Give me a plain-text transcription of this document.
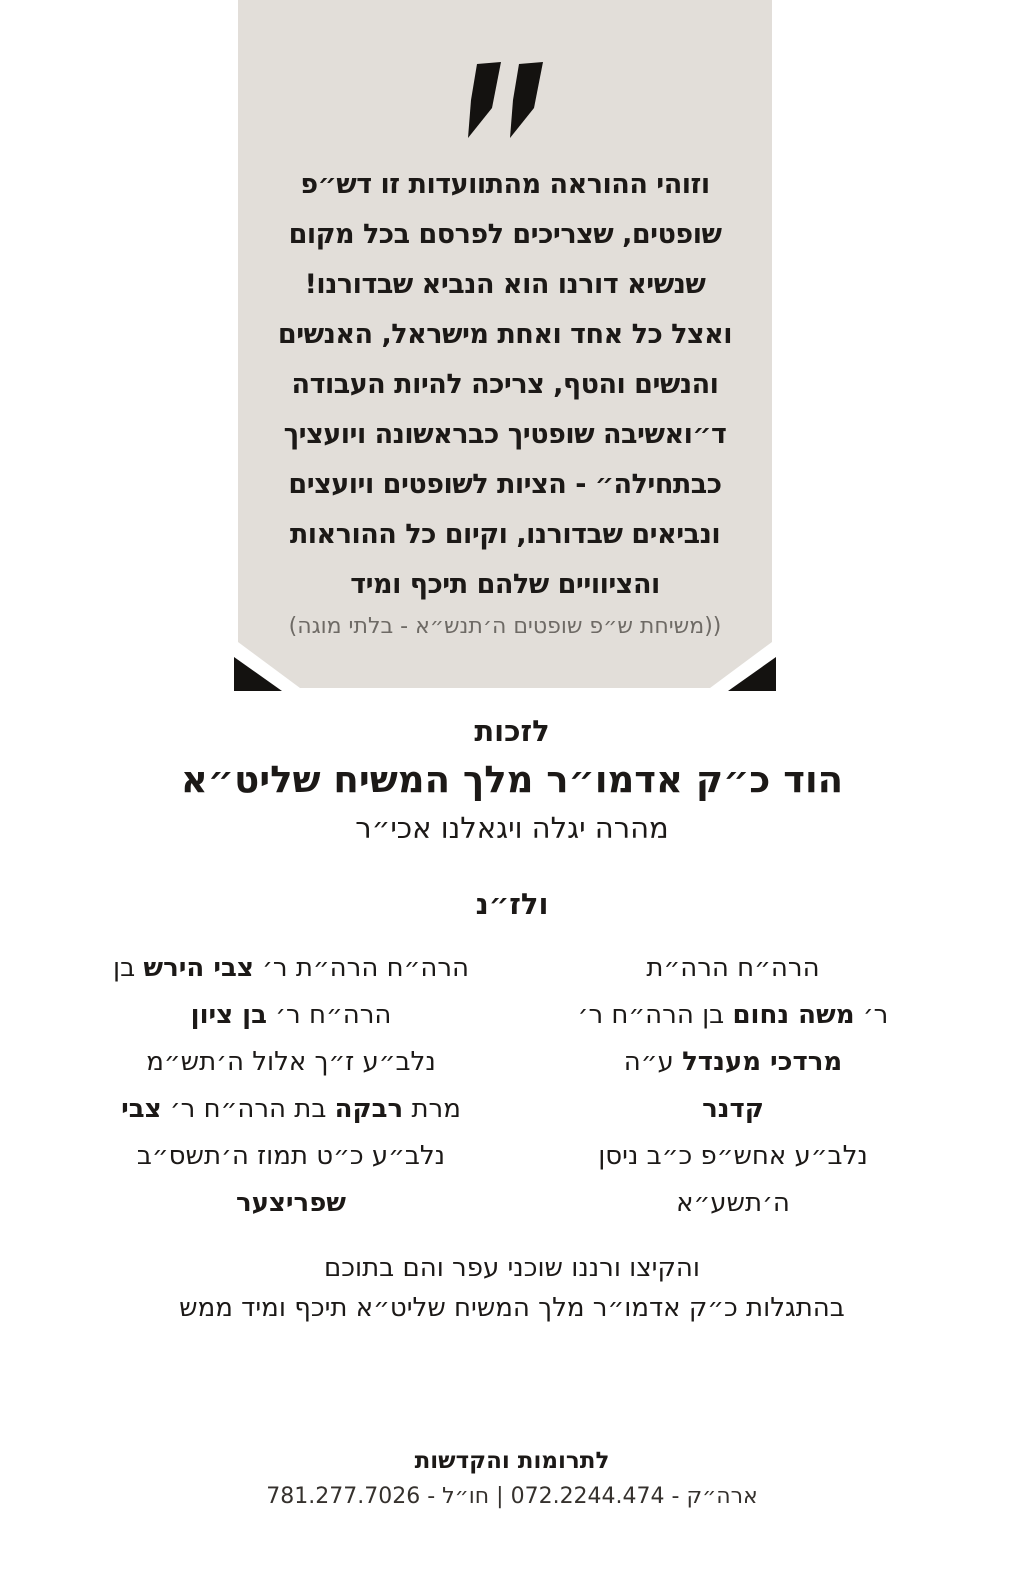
וזוהי ההוראה מהתוועדות זו דש״פ
שופטים, שצריכים לפרסם בכל מקום
שנשיא דורנו הוא הנביא שבדורנו!
ואצל כל אחד ואחת מישראל, האנשים
והנשים והטף, צריכה להיות העבודה
ד״ואשיבה שופטיך כבראשונה ויועציך
כבתחילה״ - הציות לשופטים ויועצים
ונביאים שבדורנו, וקיום כל ההוראות
והציוויים שלהם תיכף ומיד
((משיחת ש״פ שופטים ה׳תנש״א - בלתי מוגה)
לזכות
הוד כ״ק אדמו״ר מלך המשיח שליט״א
מהרה יגלה ויגאלנו אכי״ר
ולז״נ
הרה״ח הרה״ת
ר׳ משה נחום בן הרה״ח ר׳
מרדכי מענדל ע״ה
קדנר
נלב״ע אחש״פ כ״ב ניסן
ה׳תשע״א
הרה״ח הרה״ת ר׳ צבי הירש בן
הרה״ח ר׳ בן ציון
נלב״ע ז״ך אלול ה׳תש״מ
מרת רבקה בת הרה״ח ר׳ צבי
נלב״ע כ״ט תמוז ה׳תשס״ב
שפריצער
והקיצו ורננו שוכני עפר והם בתוכם
בהתגלות כ״ק אדמו״ר מלך המשיח שליט״א תיכף ומיד ממש
לתרומות והקדשות
ארה״ק - 072.2244.474 | חו״ל - 781.277.7026
